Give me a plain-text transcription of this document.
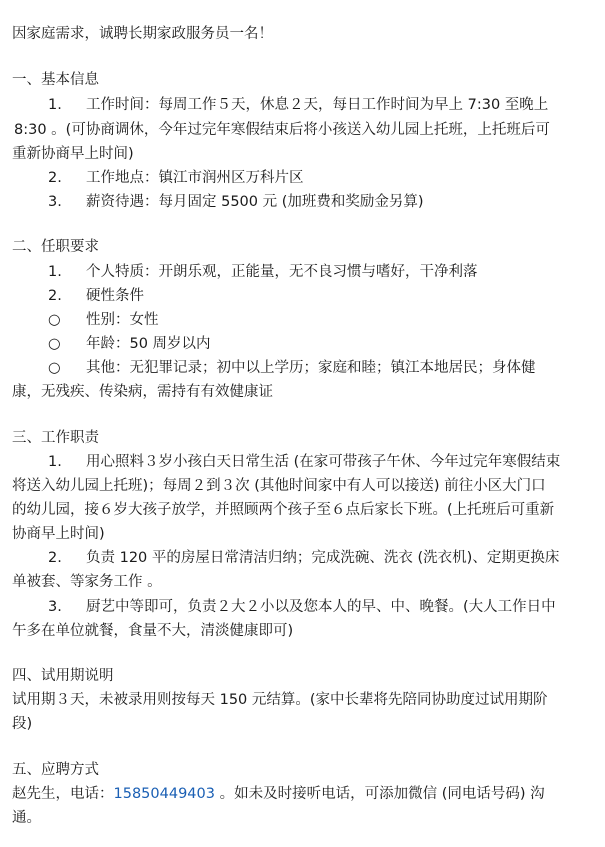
因家庭需求，诚聘长期家政服务员一名！
一、基本信息
1. 工作时间：每周工作５天，休息２天，每日工作时间为早上 7:30 至晚上
8:30 。(可协商调休，今年过完年寒假结束后将小孩送入幼儿园上托班，上托班后可
重新协商早上时间)
2. 工作地点：镇江市润州区万科片区
3. 薪资待遇：每月固定 5500 元 (加班费和奖励金另算)
二、任职要求
1. 个人特质：开朗乐观，正能量，无不良习惯与嗜好，干净利落
2. 硬性条件
○ 性别：女性
○ 年龄：50 周岁以内
○ 其他：无犯罪记录；初中以上学历；家庭和睦；镇江本地居民；身体健
康，无残疾、传染病，需持有有效健康证
三、工作职责
1. 用心照料３岁小孩白天日常生活 (在家可带孩子午休、今年过完年寒假结束
将送入幼儿园上托班)；每周２到３次 (其他时间家中有人可以接送) 前往小区大门口
的幼儿园，接６岁大孩子放学，并照顾两个孩子至６点后家长下班。(上托班后可重新
协商早上时间)
2. 负责 120 平的房屋日常清洁归纳；完成洗碗、洗衣 (洗衣机)、定期更换床
单被套、等家务工作 。
3. 厨艺中等即可，负责２大２小以及您本人的早、中、晚餐。(大人工作日中
午多在单位就餐，食量不大，清淡健康即可)
四、试用期说明
试用期３天，未被录用则按每天 150 元结算。(家中长辈将先陪同协助度过试用期阶
段)
五、应聘方式
赵先生，电话：15850449403 。如未及时接听电话，可添加微信 (同电话号码) 沟
通。
